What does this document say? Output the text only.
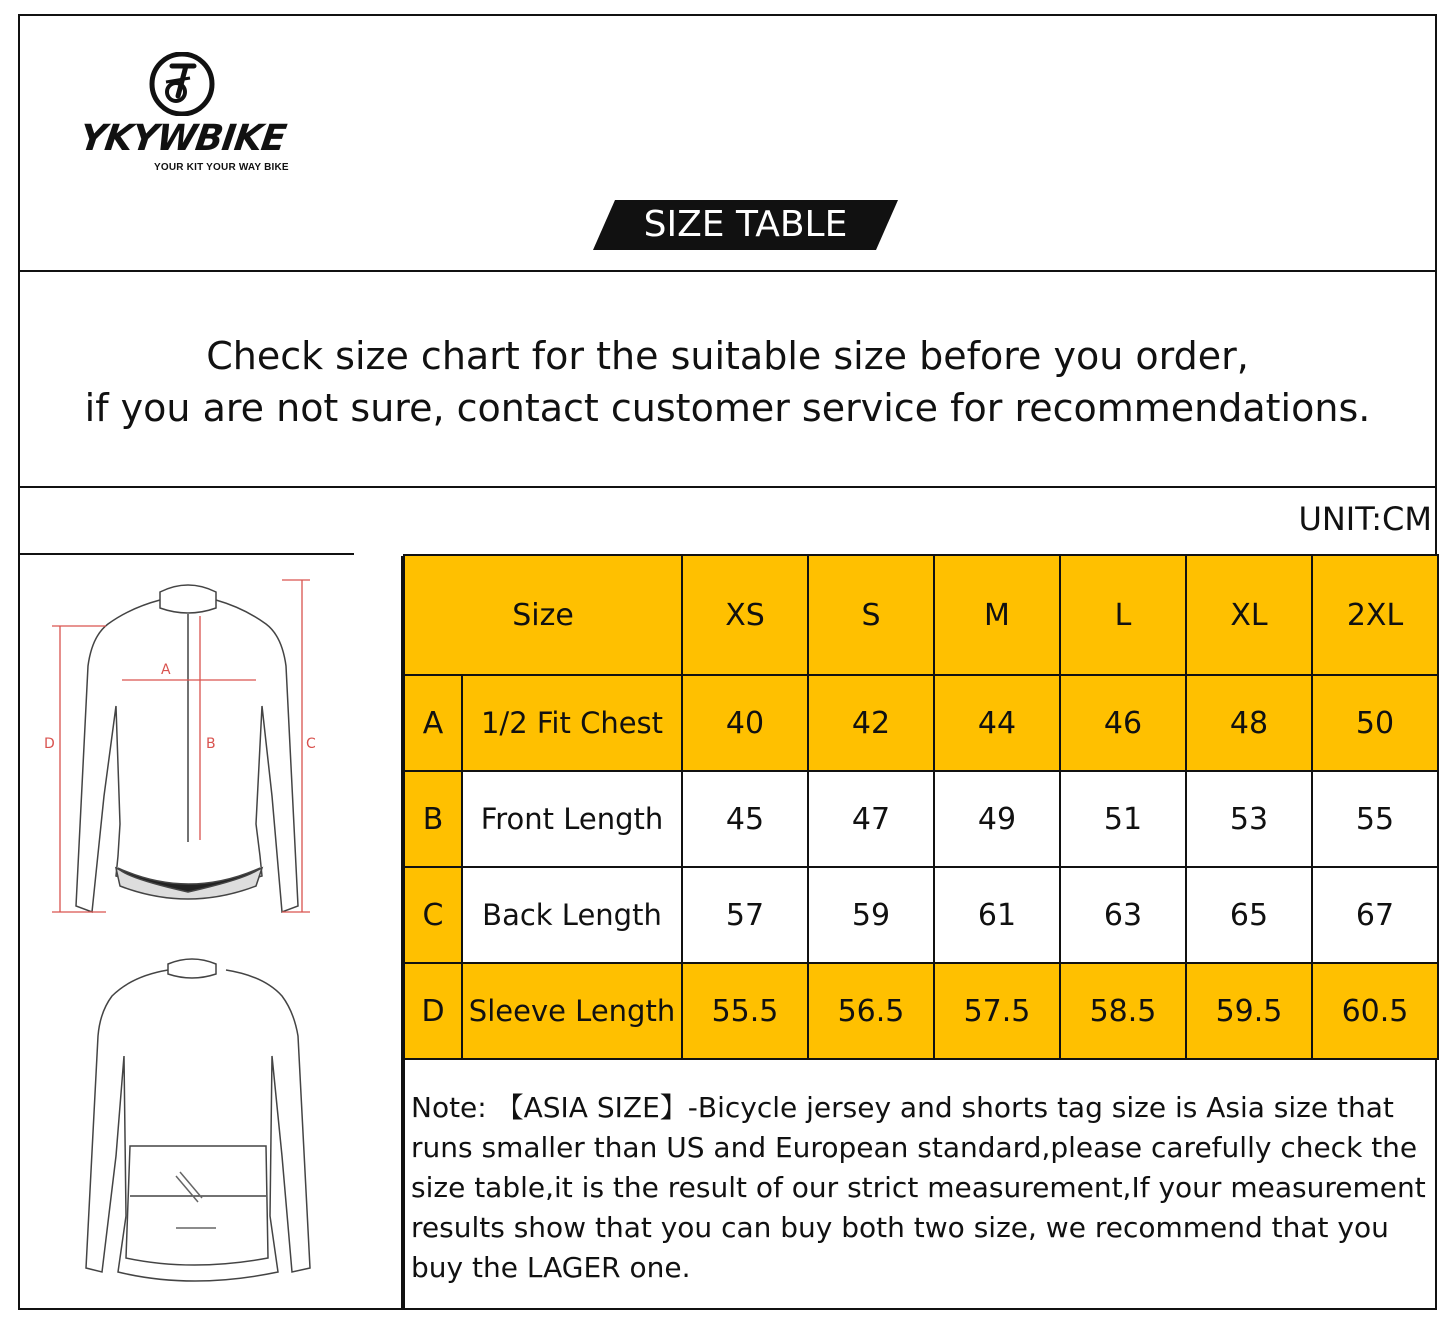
YKYWBIKE
YOUR KIT YOUR WAY BIKE
SIZE TABLE

Check size chart for the suitable size before you order,

if you are not sure, contact customer service for recommendations.

UNIT:CM
A
B	C
D
Size		XS	S	M	L	XL	2XL
A	1/2 Fit Chest	40	42	44	46	48	50
B	Front Length	45	47	49	51	53	55
C	Back Length	57	59	61	63	65	67
D	Sleeve Length	55.5	56.5	57.5	58.5	59.5	60.5

Note: 【ASIA SIZE】-Bicycle jersey and shorts tag size is Asia size that runs smaller than US and European standard,please carefully check the size table,it is the result of our strict measurement,If your measurement results show that you can buy both two size, we recommend that you buy the LAGER one.
